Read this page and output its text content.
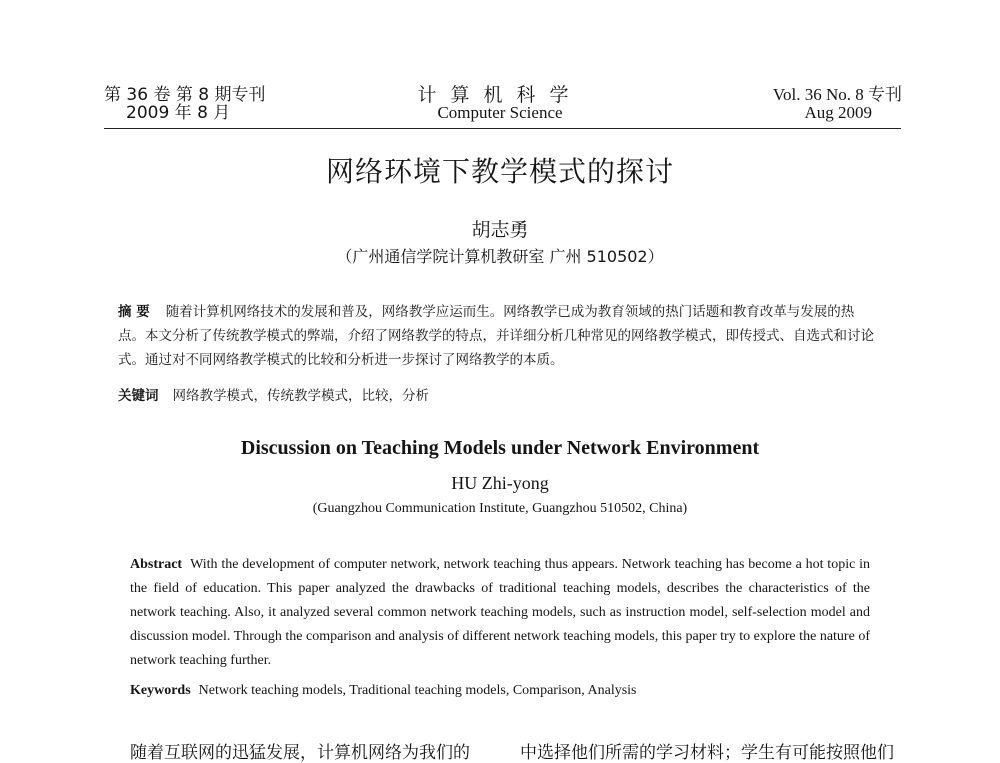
第 36 卷 第 8 期专刊
2009 年 8 月
计算机科学
Computer Science
Vol. 36 No. 8 专刊
Aug 2009
网络环境下教学模式的探讨
胡志勇
（广州通信学院计算机教研室 广州 510502）
摘 要 随着计算机网络技术的发展和普及，网络教学应运而生。网络教学已成为教育领域的热门话题和教育改革与发展的热点。本文分析了传统教学模式的弊端，介绍了网络教学的特点，并详细分析几种常见的网络教学模式，即传授式、自选式和讨论式。通过对不同网络教学模式的比较和分析进一步探讨了网络教学的本质。
关键词 网络教学模式，传统教学模式，比较，分析
Discussion on Teaching Models under Network Environment
HU Zhi-yong
(Guangzhou Communication Institute, Guangzhou 510502, China)
Abstract With the development of computer network, network teaching thus appears. Network teaching has become a hot topic in the field of education. This paper analyzed the drawbacks of traditional teaching models, describes the characteristics of the network teaching. Also, it analyzed several common network teaching models, such as instruction model, self-selection model and discussion model. Through the comparison and analysis of different network teaching models, this paper try to explore the nature of network teaching further.
Keywords Network teaching models, Traditional teaching models, Comparison, Analysis
随着互联网的迅猛发展，计算机网络为我们的	中选择他们所需的学习材料；学生有可能按照他们
